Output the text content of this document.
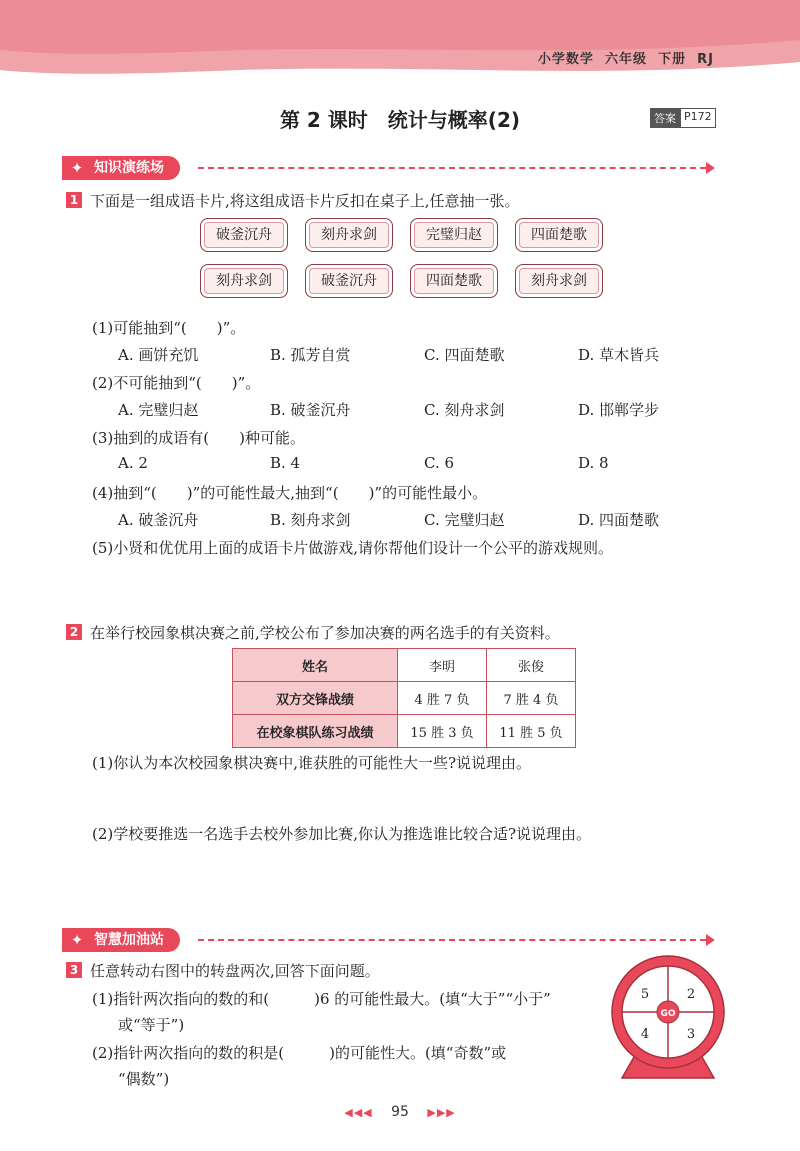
小学数学 六年级 下册 RJ
第 2 课时　统计与概率(2)	答案 P172
✦ 知识演练场
1 下面是一组成语卡片,将这组成语卡片反扣在桌子上,任意抽一张。
破釜沉舟	刻舟求剑	完璧归赵	四面楚歌
刻舟求剑	破釜沉舟	四面楚歌	刻舟求剑
(1)可能抽到“(　　)”。
A. 画饼充饥	B. 孤芳自赏	C. 四面楚歌	D. 草木皆兵
(2)不可能抽到“(　　)”。
A. 完璧归赵	B. 破釜沉舟	C. 刻舟求剑	D. 邯郸学步
(3)抽到的成语有(　　)种可能。
A. 2	B. 4	C. 6	D. 8
(4)抽到“(　　)”的可能性最大,抽到“(　　)”的可能性最小。
A. 破釜沉舟	B. 刻舟求剑	C. 完璧归赵	D. 四面楚歌
(5)小贤和优优用上面的成语卡片做游戏,请你帮他们设计一个公平的游戏规则。
2 在举行校园象棋决赛之前,学校公布了参加决赛的两名选手的有关资料。
姓名	李明	张俊
双方交锋战绩	4 胜 7 负	7 胜 4 负
在校象棋队练习战绩	15 胜 3 负	11 胜 5 负
(1)你认为本次校园象棋决赛中,谁获胜的可能性大一些?说说理由。
(2)学校要推选一名选手去校外参加比赛,你认为推选谁比较合适?说说理由。
✦ 智慧加油站
3 任意转动右图中的转盘两次,回答下面问题。
(1)指针两次指向的数的和(　　　)6 的可能性最大。(填“大于”“小于”
或“等于”)
(2)指针两次指向的数的积是(　　　)的可能性大。(填“奇数”或
“偶数”)
GO
5	2
4	3
◀◀◀ 95 ▶▶▶
